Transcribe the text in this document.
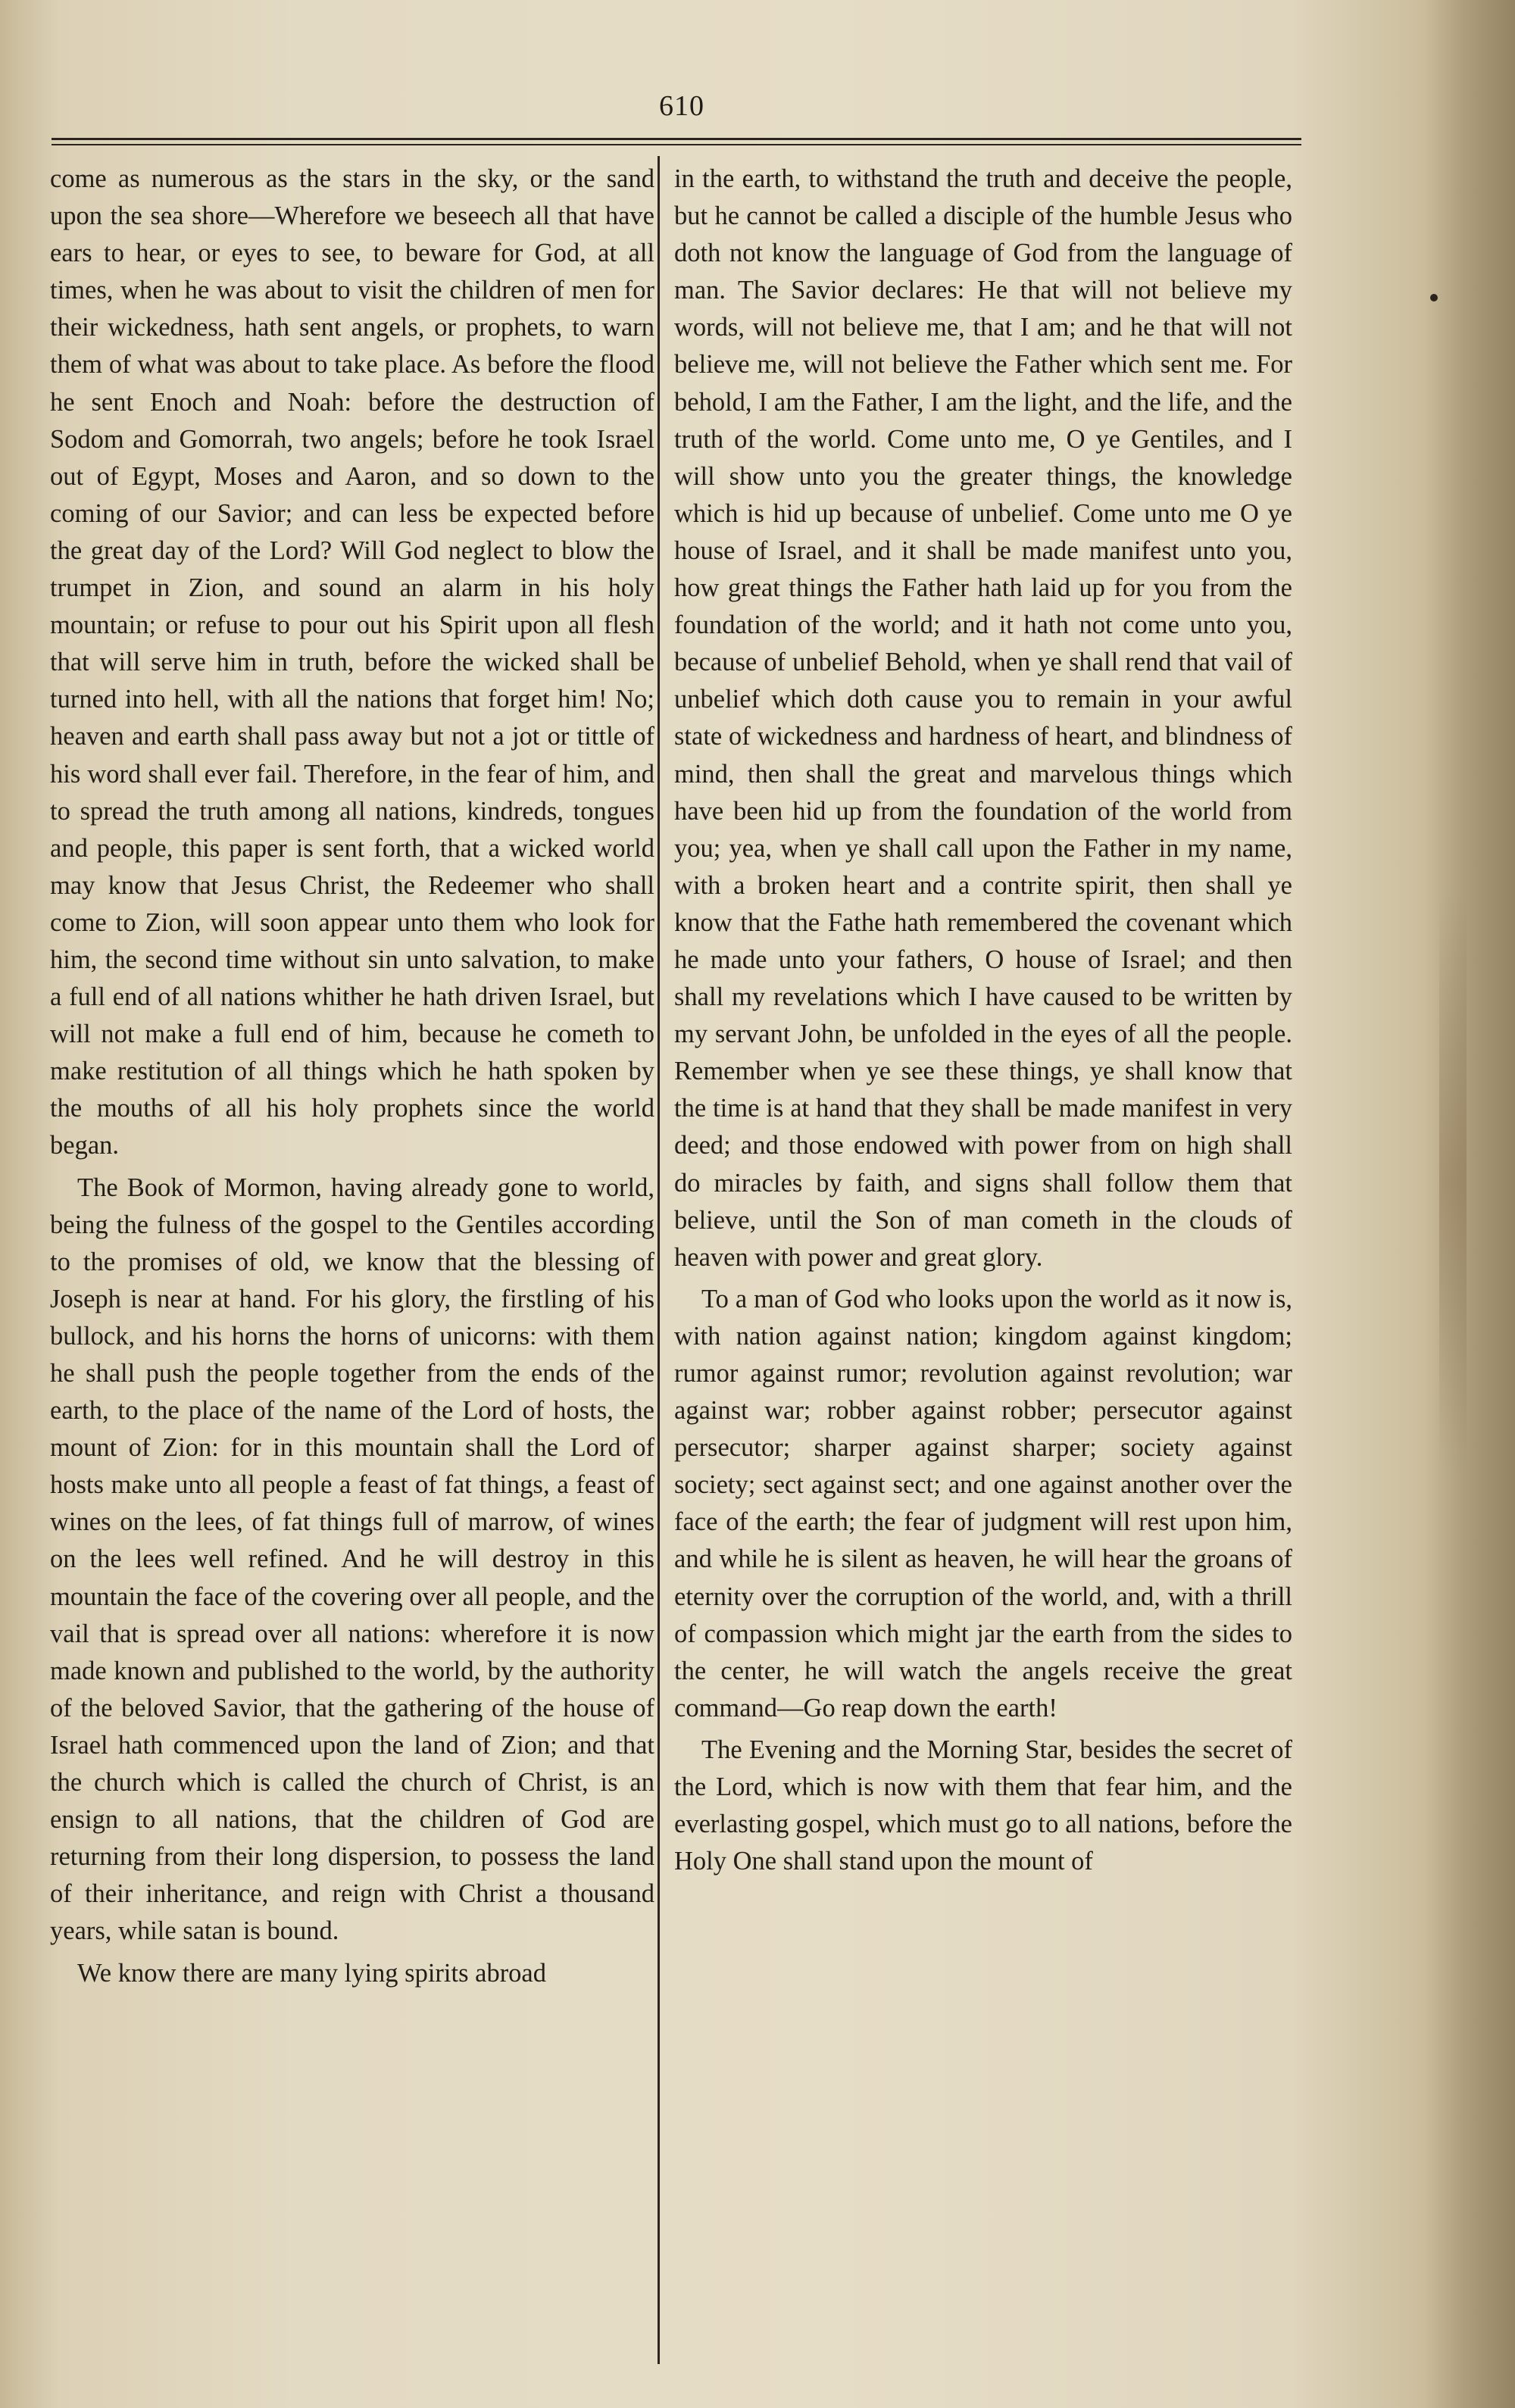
610

come as numerous as the stars in the sky, or the sand upon the sea shore—Wherefore we beseech all that have ears to hear, or eyes to see, to beware for God, at all times, when he was about to visit the children of men for their wickedness, hath sent angels, or prophets, to warn them of what was about to take place. As before the flood he sent Enoch and Noah: before the destruction of Sodom and Gomorrah, two angels; before he took Israel out of Egypt, Moses and Aaron, and so down to the coming of our Savior; and can less be expected before the great day of the Lord? Will God neglect to blow the trumpet in Zion, and sound an alarm in his holy mountain; or refuse to pour out his Spirit upon all flesh that will serve him in truth, before the wicked shall be turned into hell, with all the nations that forget him! No; heaven and earth shall pass away but not a jot or tittle of his word shall ever fail. Therefore, in the fear of him, and to spread the truth among all nations, kindreds, tongues and people, this paper is sent forth, that a wicked world may know that Jesus Christ, the Redeemer who shall come to Zion, will soon appear unto them who look for him, the second time without sin unto salvation, to make a full end of all nations whither he hath driven Israel, but will not make a full end of him, because he cometh to make restitution of all things which he hath spoken by the mouths of all his holy prophets since the world began.

The Book of Mormon, having already gone to world, being the fulness of the gospel to the Gentiles according to the promises of old, we know that the blessing of Joseph is near at hand. For his glory, the firstling of his bullock, and his horns the horns of unicorns: with them he shall push the people together from the ends of the earth, to the place of the name of the Lord of hosts, the mount of Zion: for in this mountain shall the Lord of hosts make unto all people a feast of fat things, a feast of wines on the lees, of fat things full of marrow, of wines on the lees well refined. And he will destroy in this mountain the face of the covering over all people, and the vail that is spread over all nations: wherefore it is now made known and published to the world, by the authority of the beloved Savior, that the gathering of the house of Israel hath commenced upon the land of Zion; and that the church which is called the church of Christ, is an ensign to all nations, that the children of God are returning from their long dispersion, to possess the land of their inheritance, and reign with Christ a thousand years, while satan is bound.

We know there are many lying spirits abroad

in the earth, to withstand the truth and deceive the people, but he cannot be called a disciple of the humble Jesus who doth not know the language of God from the language of man. The Savior declares: He that will not believe my words, will not believe me, that I am; and he that will not believe me, will not believe the Father which sent me. For behold, I am the Father, I am the light, and the life, and the truth of the world. Come unto me, O ye Gentiles, and I will show unto you the greater things, the knowledge which is hid up because of unbelief. Come unto me O ye house of Israel, and it shall be made manifest unto you, how great things the Father hath laid up for you from the foundation of the world; and it hath not come unto you, because of unbelief Behold, when ye shall rend that vail of unbelief which doth cause you to remain in your awful state of wickedness and hardness of heart, and blindness of mind, then shall the great and marvelous things which have been hid up from the foundation of the world from you; yea, when ye shall call upon the Father in my name, with a broken heart and a contrite spirit, then shall ye know that the Fathe hath remembered the covenant which he made unto your fathers, O house of Israel; and then shall my revelations which I have caused to be written by my servant John, be unfolded in the eyes of all the people. Remember when ye see these things, ye shall know that the time is at hand that they shall be made manifest in very deed; and those endowed with power from on high shall do miracles by faith, and signs shall follow them that believe, until the Son of man cometh in the clouds of heaven with power and great glory.

To a man of God who looks upon the world as it now is, with nation against nation; kingdom against kingdom; rumor against rumor; revolution against revolution; war against war; robber against robber; persecutor against persecutor; sharper against sharper; society against society; sect against sect; and one against another over the face of the earth; the fear of judgment will rest upon him, and while he is silent as heaven, he will hear the groans of eternity over the corruption of the world, and, with a thrill of compassion which might jar the earth from the sides to the center, he will watch the angels receive the great command—Go reap down the earth!

The Evening and the Morning Star, besides the secret of the Lord, which is now with them that fear him, and the everlasting gospel, which must go to all nations, before the Holy One shall stand upon the mount of
